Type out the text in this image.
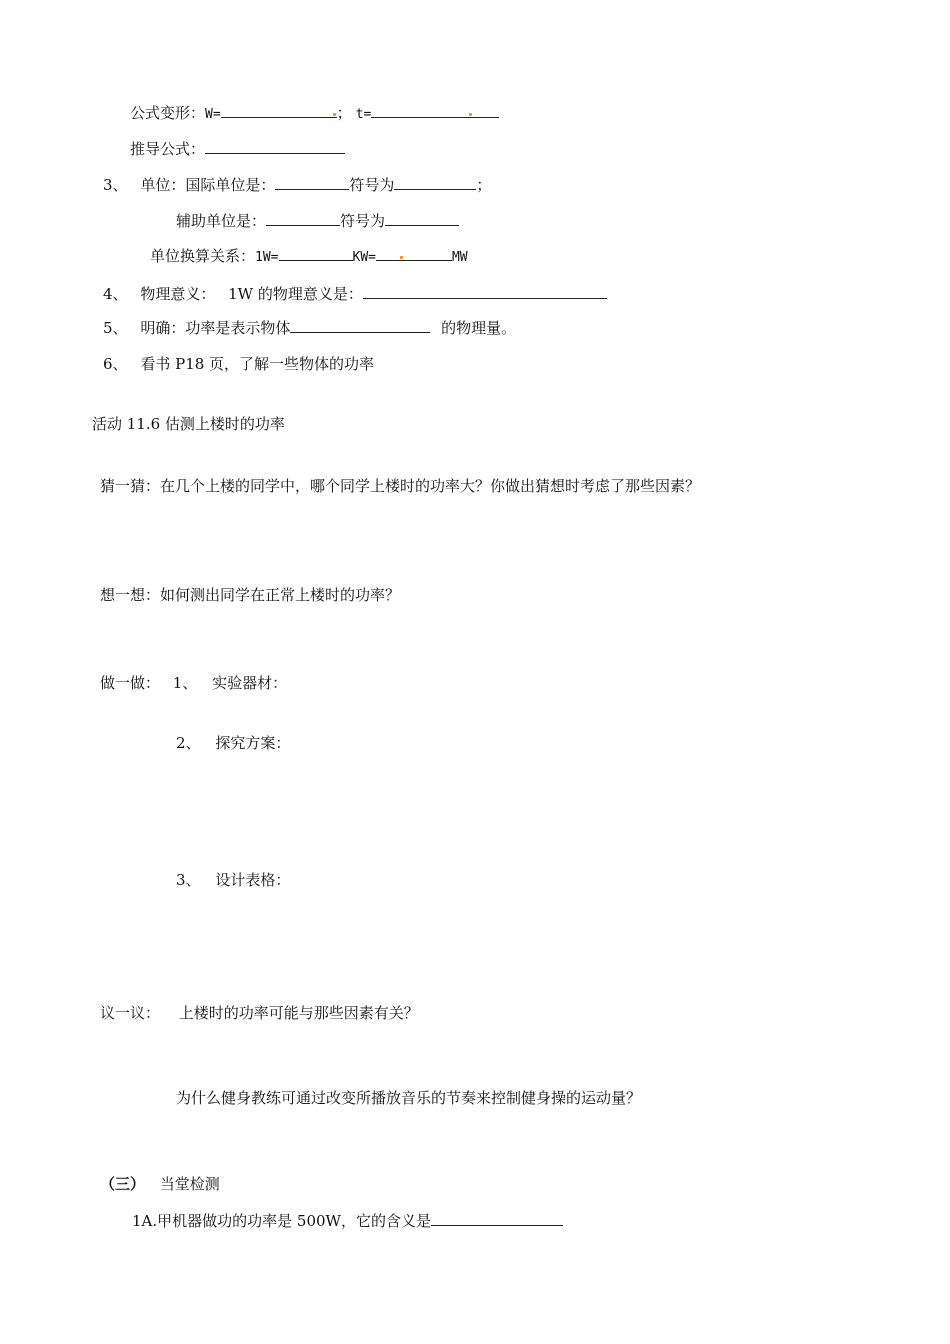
公式变形：W=	； t=
推导公式：
3、 单位：国际单位是：	符号为	；
辅助单位是：	符号为
单位换算关系：1W=	KW=	MW
4、 物理意义： 1W 的物理意义是：
5、 明确：功率是表示物体	的物理量。
6、 看书 P18 页，了解一些物体的功率
活动 11.6 估测上楼时的功率
猜一猜：在几个上楼的同学中，哪个同学上楼时的功率大？你做出猜想时考虑了那些因素？
想一想：如何测出同学在正常上楼时的功率？
做一做： 1、 实验器材：
2、 探究方案：
3、 设计表格：
议一议： 上楼时的功率可能与那些因素有关？
为什么健身教练可通过改变所播放音乐的节奏来控制健身操的运动量？
（三） 当堂检测
1A.甲机器做功的功率是 500W，它的含义是
